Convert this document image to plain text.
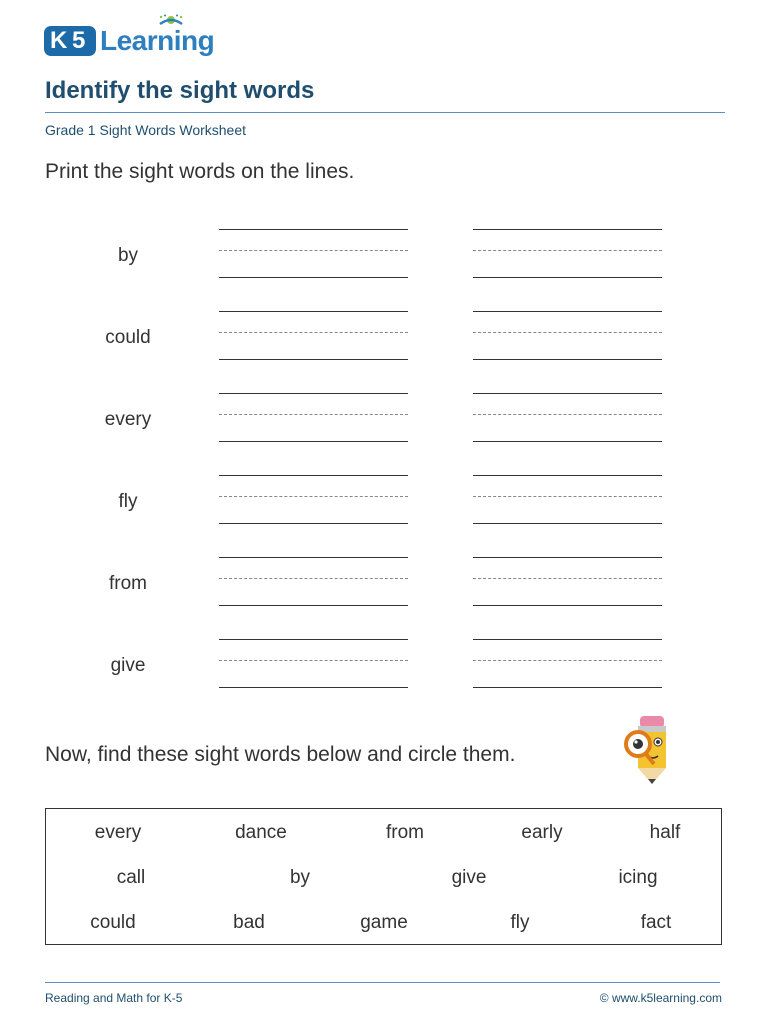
K 5 Learning
Identify the sight words
Grade 1 Sight Words Worksheet
Print the sight words on the lines.
by
could
every
fly
from
give
Now, find these sight words below and circle them.
every	dance	from	early	half
call	by	give	icing
could	bad	game	fly	fact
Reading and Math for K-5	© www.k5learning.com
